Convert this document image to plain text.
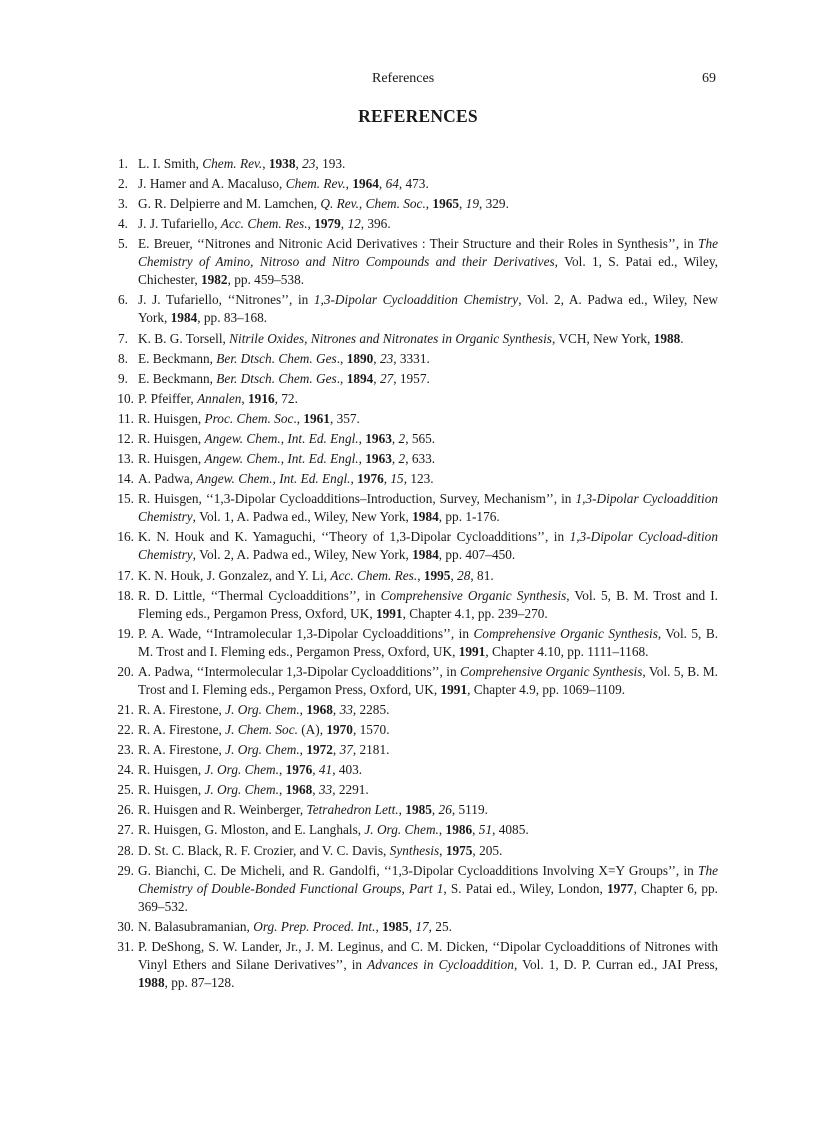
References	69
REFERENCES
1. L. I. Smith, Chem. Rev., 1938, 23, 193.
2. J. Hamer and A. Macaluso, Chem. Rev., 1964, 64, 473.
3. G. R. Delpierre and M. Lamchen, Q. Rev., Chem. Soc., 1965, 19, 329.
4. J. J. Tufariello, Acc. Chem. Res., 1979, 12, 396.
5. E. Breuer, ‘‘Nitrones and Nitronic Acid Derivatives : Their Structure and their Roles in Synthesis’’, in The Chemistry of Amino, Nitroso and Nitro Compounds and their Derivatives, Vol. 1, S. Patai ed., Wiley, Chichester, 1982, pp. 459–538.
6. J. J. Tufariello, ‘‘Nitrones’’, in 1,3-Dipolar Cycloaddition Chemistry, Vol. 2, A. Padwa ed., Wiley, New York, 1984, pp. 83–168.
7. K. B. G. Torsell, Nitrile Oxides, Nitrones and Nitronates in Organic Synthesis, VCH, New York, 1988.
8. E. Beckmann, Ber. Dtsch. Chem. Ges., 1890, 23, 3331.
9. E. Beckmann, Ber. Dtsch. Chem. Ges., 1894, 27, 1957.
10. P. Pfeiffer, Annalen, 1916, 72.
11. R. Huisgen, Proc. Chem. Soc., 1961, 357.
12. R. Huisgen, Angew. Chem., Int. Ed. Engl., 1963, 2, 565.
13. R. Huisgen, Angew. Chem., Int. Ed. Engl., 1963, 2, 633.
14. A. Padwa, Angew. Chem., Int. Ed. Engl., 1976, 15, 123.
15. R. Huisgen, ‘‘1,3-Dipolar Cycloadditions–Introduction, Survey, Mechanism’’, in 1,3-Dipolar Cycloaddition Chemistry, Vol. 1, A. Padwa ed., Wiley, New York, 1984, pp. 1-176.
16. K. N. Houk and K. Yamaguchi, ‘‘Theory of 1,3-Dipolar Cycloadditions’’, in 1,3-Dipolar Cycload-dition Chemistry, Vol. 2, A. Padwa ed., Wiley, New York, 1984, pp. 407–450.
17. K. N. Houk, J. Gonzalez, and Y. Li, Acc. Chem. Res., 1995, 28, 81.
18. R. D. Little, ‘‘Thermal Cycloadditions’’, in Comprehensive Organic Synthesis, Vol. 5, B. M. Trost and I. Fleming eds., Pergamon Press, Oxford, UK, 1991, Chapter 4.1, pp. 239–270.
19. P. A. Wade, ‘‘Intramolecular 1,3-Dipolar Cycloadditions’’, in Comprehensive Organic Synthesis, Vol. 5, B. M. Trost and I. Fleming eds., Pergamon Press, Oxford, UK, 1991, Chapter 4.10, pp. 1111–1168.
20. A. Padwa, ‘‘Intermolecular 1,3-Dipolar Cycloadditions’’, in Comprehensive Organic Synthesis, Vol. 5, B. M. Trost and I. Fleming eds., Pergamon Press, Oxford, UK, 1991, Chapter 4.9, pp. 1069–1109.
21. R. A. Firestone, J. Org. Chem., 1968, 33, 2285.
22. R. A. Firestone, J. Chem. Soc. (A), 1970, 1570.
23. R. A. Firestone, J. Org. Chem., 1972, 37, 2181.
24. R. Huisgen, J. Org. Chem., 1976, 41, 403.
25. R. Huisgen, J. Org. Chem., 1968, 33, 2291.
26. R. Huisgen and R. Weinberger, Tetrahedron Lett., 1985, 26, 5119.
27. R. Huisgen, G. Mloston, and E. Langhals, J. Org. Chem., 1986, 51, 4085.
28. D. St. C. Black, R. F. Crozier, and V. C. Davis, Synthesis, 1975, 205.
29. G. Bianchi, C. De Micheli, and R. Gandolfi, ‘‘1,3-Dipolar Cycloadditions Involving X=Y Groups’’, in The Chemistry of Double-Bonded Functional Groups, Part 1, S. Patai ed., Wiley, London, 1977, Chapter 6, pp. 369–532.
30. N. Balasubramanian, Org. Prep. Proced. Int., 1985, 17, 25.
31. P. DeShong, S. W. Lander, Jr., J. M. Leginus, and C. M. Dicken, ‘‘Dipolar Cycloadditions of Nitrones with Vinyl Ethers and Silane Derivatives’’, in Advances in Cycloaddition, Vol. 1, D. P. Curran ed., JAI Press, 1988, pp. 87–128.
